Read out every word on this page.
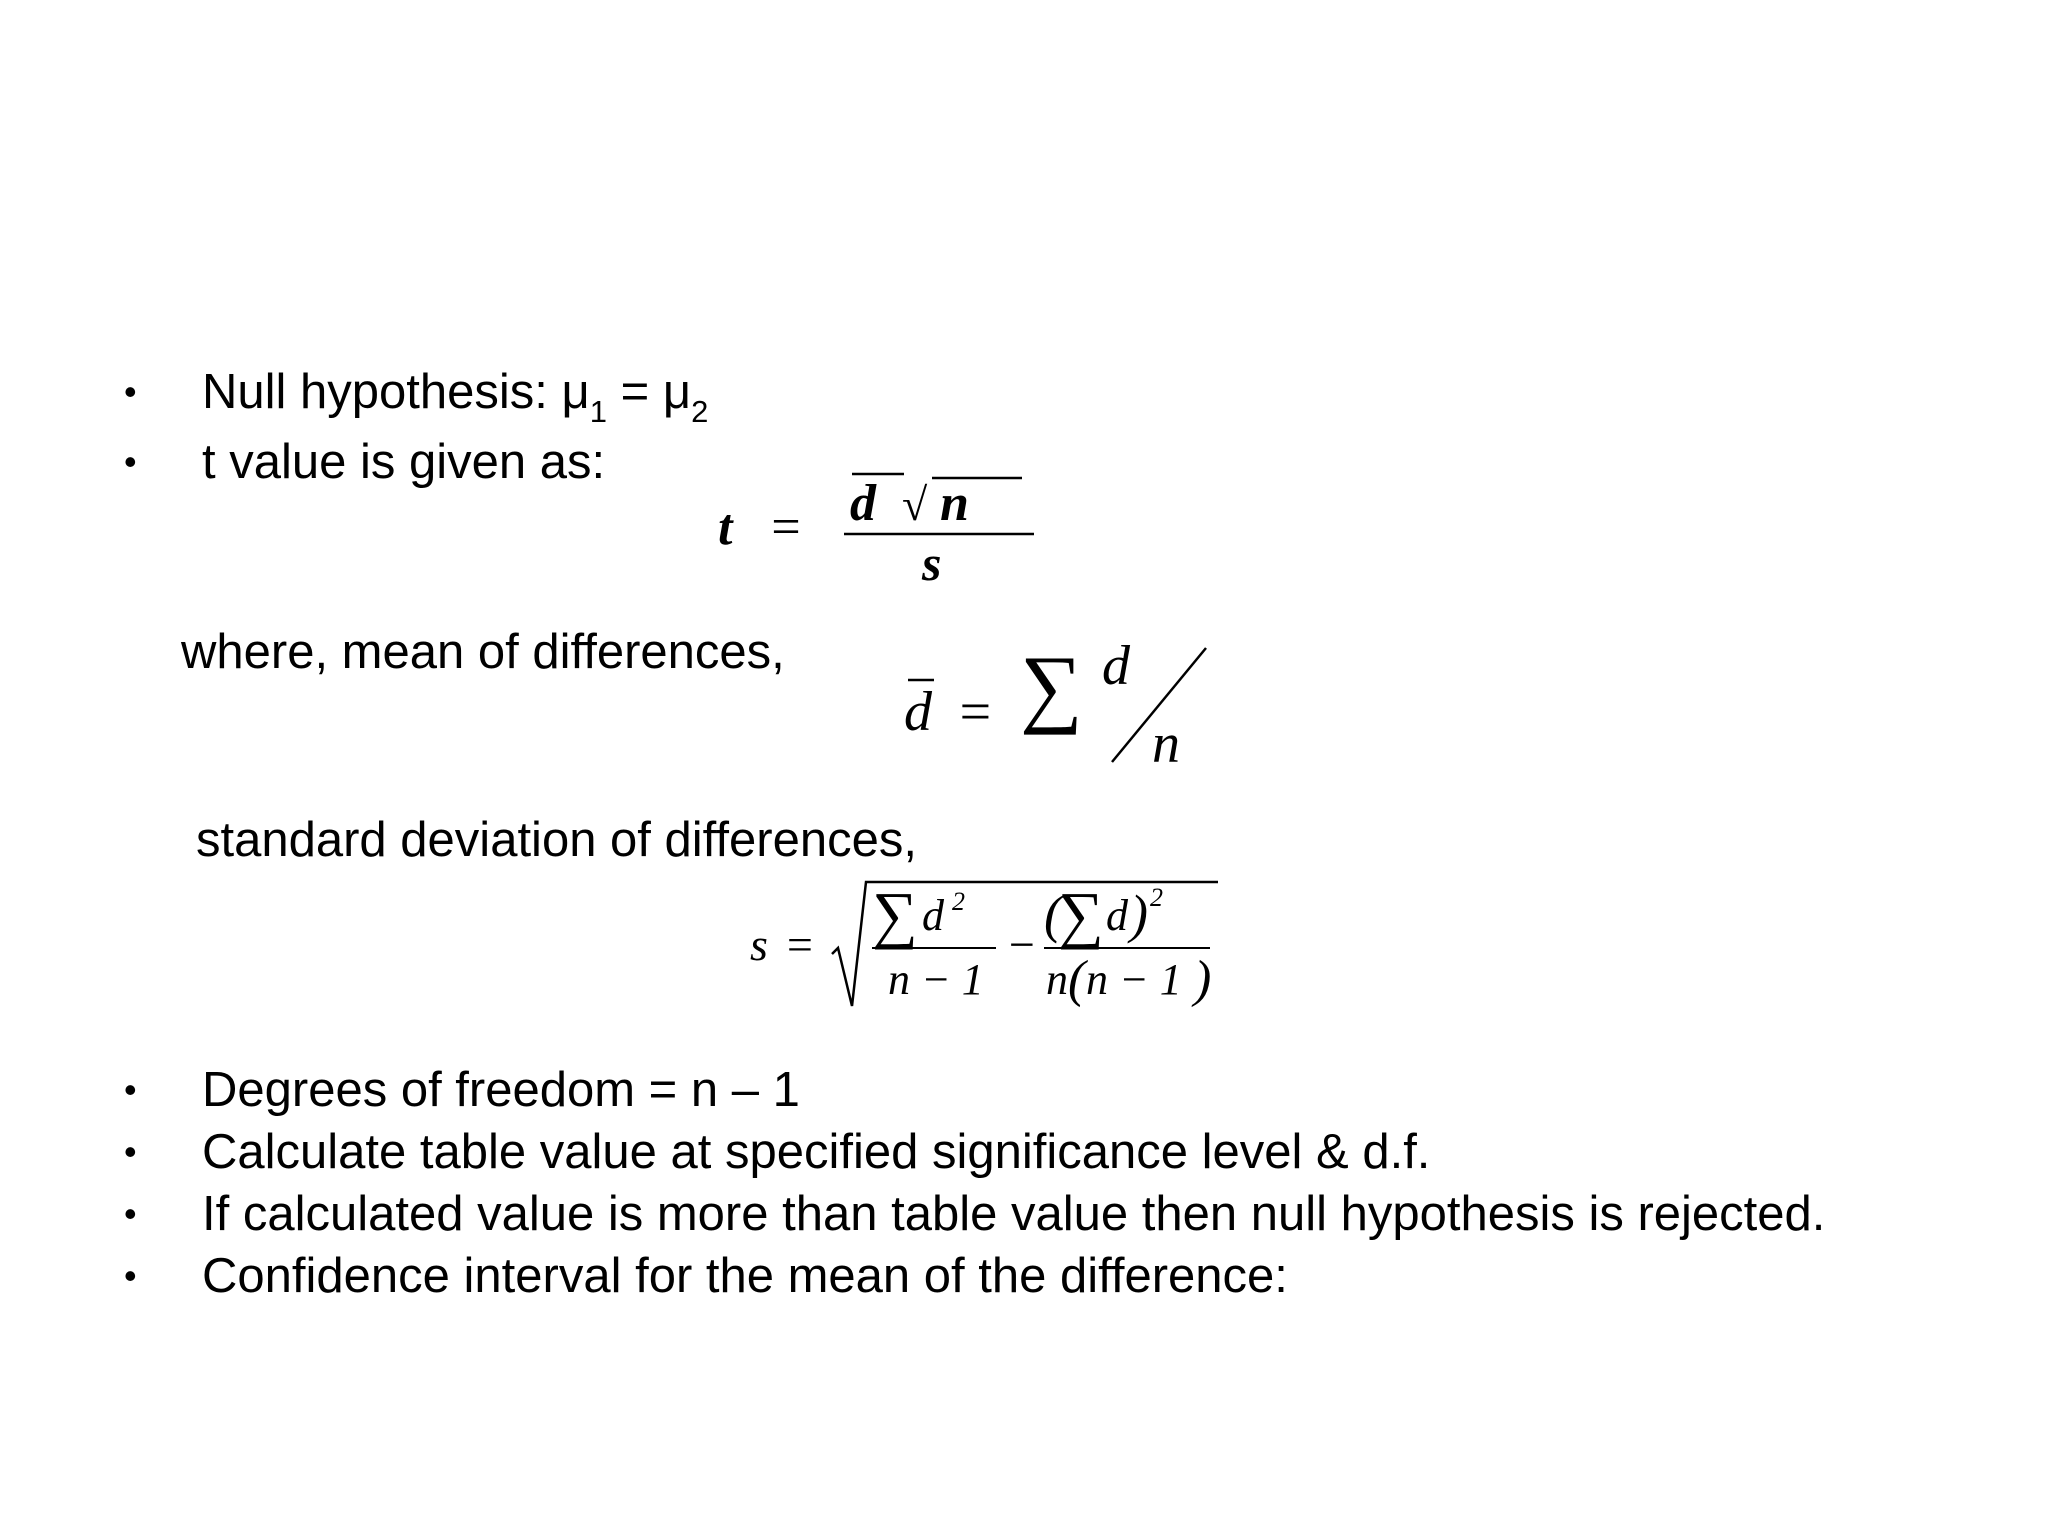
• Null hypothesis: $\mu_1 = \mu_2$
• t value is given as:
t = d √ n
s
where, mean of differences,
d = ∑ d
n
standard deviation of differences,
s = ∑ d 2
n − 1
−
(
∑ d ) 2
n ( n − 1 )
• Degrees of freedom = n – 1
• Calculate table value at specified significance level & d.f.
• If calculated value is more than table value then null hypothesis is rejected.
• Confidence interval for the mean of the difference:
